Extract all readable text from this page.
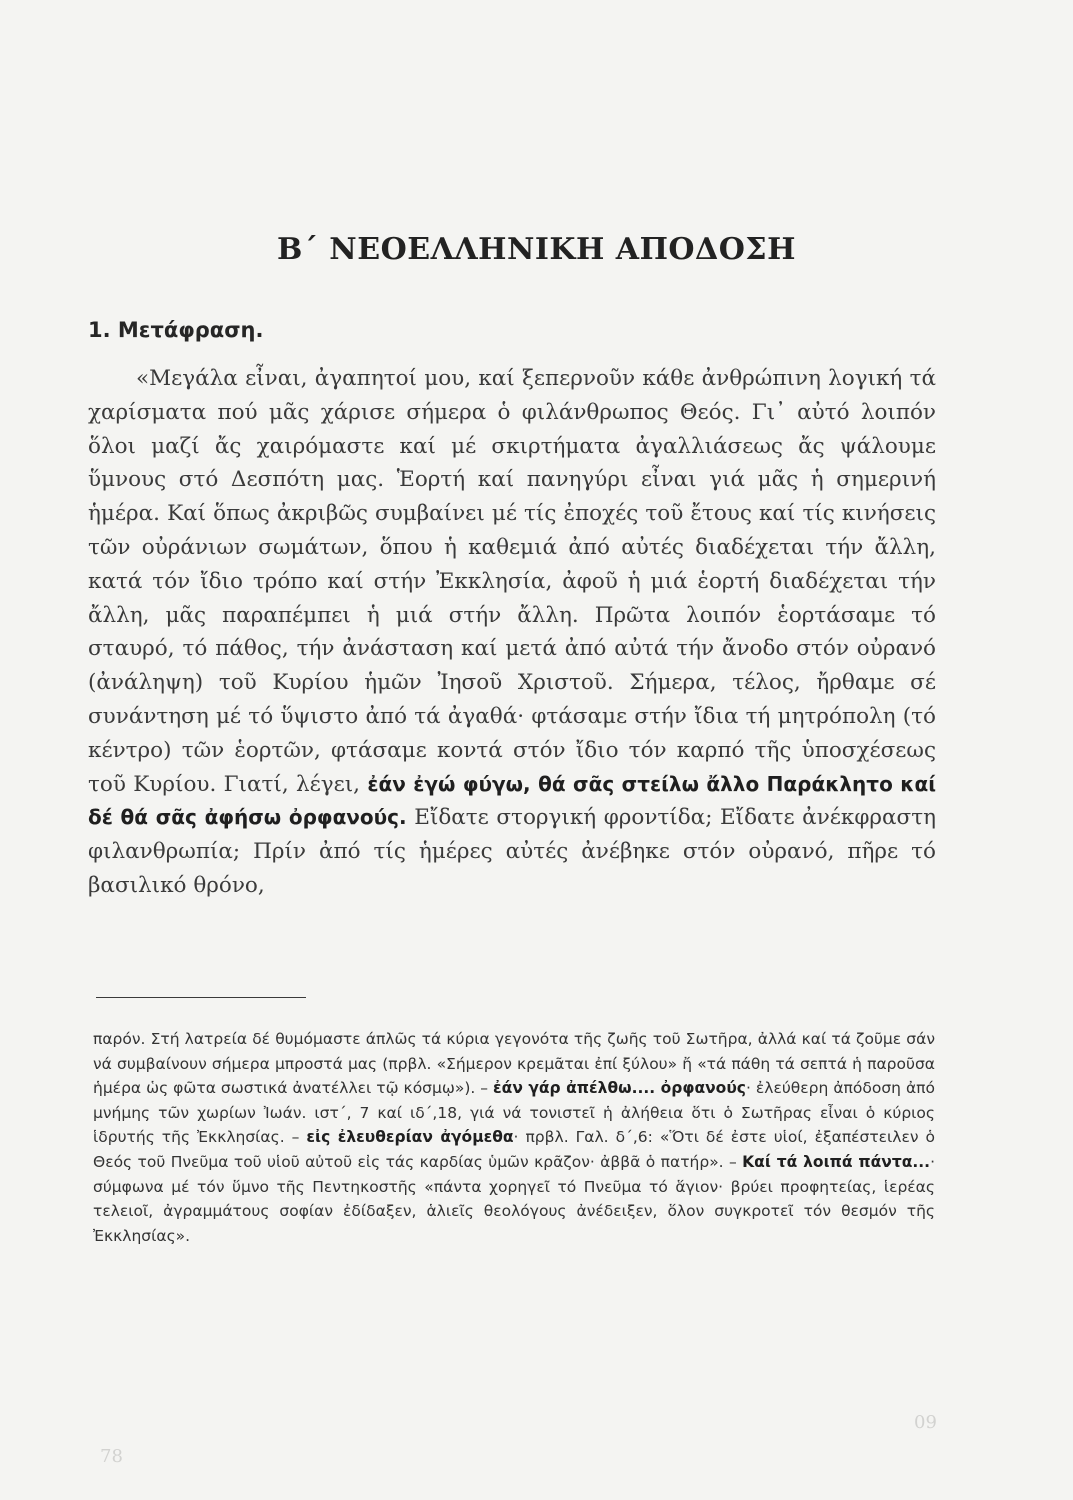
Β΄ ΝΕΟΕΛΛΗΝΙΚΗ ΑΠΟΔΟΣΗ
1. Μετάφραση.

«Μεγάλα εἶναι, ἀγαπητοί μου, καί ξεπερνοῦν κάθε ἀνθρώπινη λογική τά χαρίσματα πού μᾶς χάρισε σήμερα ὁ φιλάνθρωπος Θεός. Γι᾽ αὐτό λοιπόν ὅλοι μαζί ἄς χαιρόμαστε καί μέ σκιρτήματα ἀγαλλιάσεως ἄς ψάλουμε ὕμνους στό Δεσπότη μας. Ἑορτή καί πανηγύρι εἶναι γιά μᾶς ἡ σημερινή ἡμέρα. Καί ὅπως ἀκριβῶς συμβαίνει μέ τίς ἐποχές τοῦ ἔτους καί τίς κινήσεις τῶν οὐράνιων σωμάτων, ὅπου ἡ καθεμιά ἀπό αὐτές διαδέχεται τήν ἄλλη, κατά τόν ἴδιο τρόπο καί στήν Ἐκκλησία, ἀφοῦ ἡ μιά ἑορτή διαδέχεται τήν ἄλλη, μᾶς παραπέμπει ἡ μιά στήν ἄλλη. Πρῶτα λοιπόν ἑορτάσαμε τό σταυρό, τό πάθος, τήν ἀνάσταση καί μετά ἀπό αὐτά τήν ἄνοδο στόν οὐρανό (ἀνάληψη) τοῦ Κυρίου ἡμῶν Ἰησοῦ Χριστοῦ. Σήμερα, τέλος, ἤρθαμε σέ συνάντηση μέ τό ὕψιστο ἀπό τά ἀγαθά· φτάσαμε στήν ἴδια τή μητρόπολη (τό κέντρο) τῶν ἑορτῶν, φτάσαμε κοντά στόν ἴδιο τόν καρπό τῆς ὑποσχέσεως τοῦ Κυρίου. Γιατί, λέγει, ἐάν ἐγώ φύγω, θά σᾶς στείλω ἄλλο Παράκλητο καί δέ θά σᾶς ἀφήσω ὀρφανούς. Εἴδατε στοργική φροντίδα; Εἴδατε ἀνέκφραστη φιλανθρωπία; Πρίν ἀπό τίς ἡμέρες αὐτές ἀνέβηκε στόν οὐρανό, πῆρε τό βασιλικό θρόνο,

παρόν. Στή λατρεία δέ θυμόμαστε άπλῶς τά κύρια γεγονότα τῆς ζωῆς τοῦ Σωτῆρα, ἀλλά καί τά ζοῦμε σάν νά συμβαίνουν σήμερα μπροστά μας (πρβλ. «Σήμερον κρεμᾶται ἐπί ξύλου» ἤ «τά πάθη τά σεπτά ἡ παροῦσα ἡμέρα ὡς φῶτα σωστικά ἀνατέλλει τῷ κόσμῳ»). – ἐάν γάρ ἀπέλθω.... ὀρφανούς· ἐλεύθερη ἀπόδοση ἀπό μνήμης τῶν χωρίων Ἰωάν. ιστ΄, 7 καί ιδ΄,18, γιά νά τονιστεῖ ἡ ἀλήθεια ὅτι ὁ Σωτῆρας εἶναι ὁ κύριος ἱδρυτής τῆς Ἐκκλησίας. – εἰς ἐλευθερίαν ἀγόμεθα· πρβλ. Γαλ. δ΄,6: «Ὅτι δέ ἐστε υἱοί, ἐξαπέστειλεν ὁ Θεός τοῦ Πνεῦμα τοῦ υἱοῦ αὐτοῦ εἰς τάς καρδίας ὑμῶν κρᾶζον· ἀββᾶ ὁ πατήρ». – Καί τά λοιπά πάντα...· σύμφωνα μέ τόν ὕμνο τῆς Πεντηκοστῆς «πάντα χορηγεῖ τό Πνεῦμα τό ἅγιον· βρύει προφητείας, ἱερέας τελειοῖ, ἀγραμμάτους σοφίαν ἐδίδαξεν, ἁλιεῖς θεολόγους ἀνέδειξεν, ὅλον συγκροτεῖ τόν θεσμόν τῆς Ἐκκλησίας».
78
09
